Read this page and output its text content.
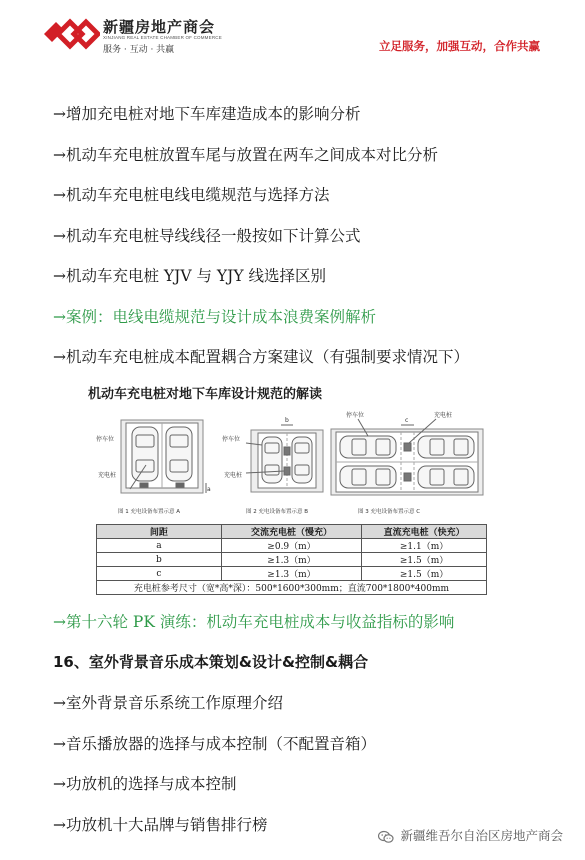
新疆房地产商会
XINJIANG REAL ESTATE CHAMBER OF COMMERCE
服务 · 互动 · 共赢	立足服务，加强互动，合作共赢
→增加充电桩对地下车库建造成本的影响分析
→机动车充电桩放置车尾与放置在两车之间成本对比分析
→机动车充电桩电线电缆规范与选择方法
→机动车充电桩导线线径一般按如下计算公式
→机动车充电桩 YJV 与 YJY 线选择区别
→案例：电线电缆规范与设计成本浪费案例解析
→机动车充电桩成本配置耦合方案建议（有强制要求情况下）
机动车充电桩对地下车库设计规范的解读
停车位
充电桩
a
图 1 充电设备布置示意 A
b
停车位
充电桩
图 2 充电设备布置示意 B
停车位
c
充电桩
图 3 充电设备布置示意 C
间距	交流充电桩（慢充）	直流充电桩（快充）
a	≥0.9（m）	≥1.1（m）
b	≥1.3（m）	≥1.5（m）
c	≥1.3（m）	≥1.5（m）
充电桩参考尺寸（宽*高*深）：500*1600*300mm；直流700*1800*400mm		
→第十六轮 PK 演练：机动车充电桩成本与收益指标的影响
16、室外背景音乐成本策划&设计&控制&耦合
→室外背景音乐系统工作原理介绍
→音乐播放器的选择与成本控制（不配置音箱）
→功放机的选择与成本控制
→功放机十大品牌与销售排行榜
新疆维吾尔自治区房地产商会
